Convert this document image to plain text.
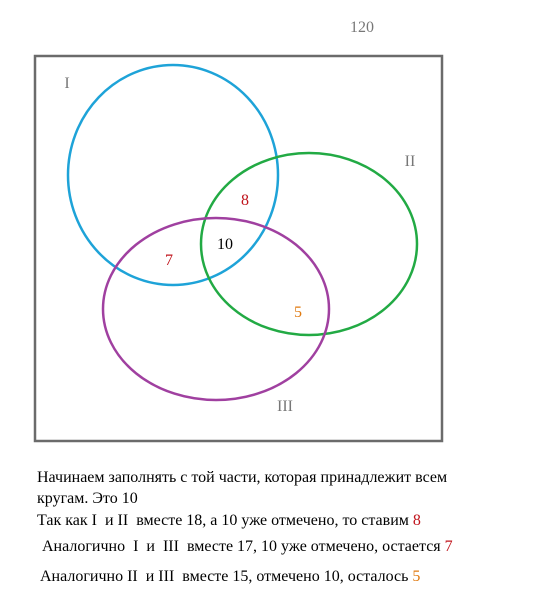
120
I
II
III
10
8
7
5
Начинаем заполнять с той части, которая принадлежит всем
кругам. Это 10
Так как I  и II  вместе 18, а 10 уже отмечено, то ставим 8
Аналогично  I  и  III  вместе 17, 10 уже отмечено, остается 7
Аналогично II  и III  вместе 15, отмечено 10, осталось 5
